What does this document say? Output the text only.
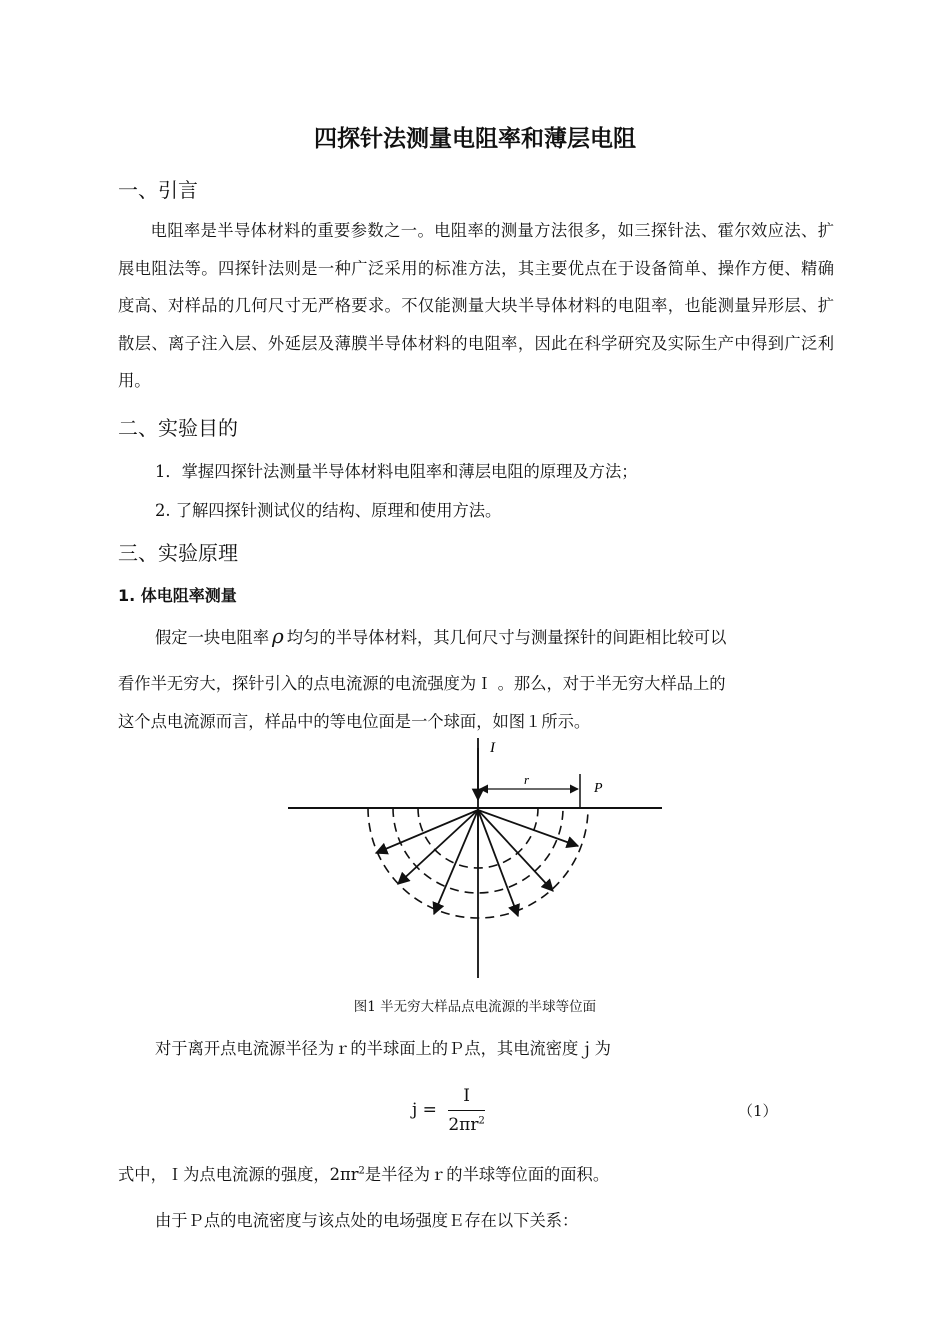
四探针法测量电阻率和薄层电阻
一、引言
电阻率是半导体材料的重要参数之一。电阻率的测量方法很多，如三探针法、霍尔效应法、扩展电阻法等。四探针法则是一种广泛采用的标准方法，其主要优点在于设备简单、操作方便、精确度高、对样品的几何尺寸无严格要求。不仅能测量大块半导体材料的电阻率，也能测量异形层、扩散层、离子注入层、外延层及薄膜半导体材料的电阻率，因此在科学研究及实际生产中得到广泛利用。
二、实验目的
1．掌握四探针法测量半导体材料电阻率和薄层电阻的原理及方法；
2. 了解四探针测试仪的结构、原理和使用方法。
三、实验原理
1. 体电阻率测量
假定一块电阻率 ρ 均匀的半导体材料，其几何尺寸与测量探针的间距相比较可以
看作半无穷大，探针引入的点电流源的电流强度为Ｉ 。那么，对于半无穷大样品上的
这个点电流源而言，样品中的等电位面是一个球面，如图１所示。
I
P
r
图1 半无穷大样品点电流源的半球等位面
对于离开点电流源半径为ｒ的半球面上的Ｐ点，其电流密度ｊ为
$j = \frac{I}{2\pi r^2}$	（1）
式中，Ｉ为点电流源的强度，$2\pi r^2$是半径为ｒ的半球等位面的面积。
由于Ｐ点的电流密度与该点处的电场强度Ｅ存在以下关系：
